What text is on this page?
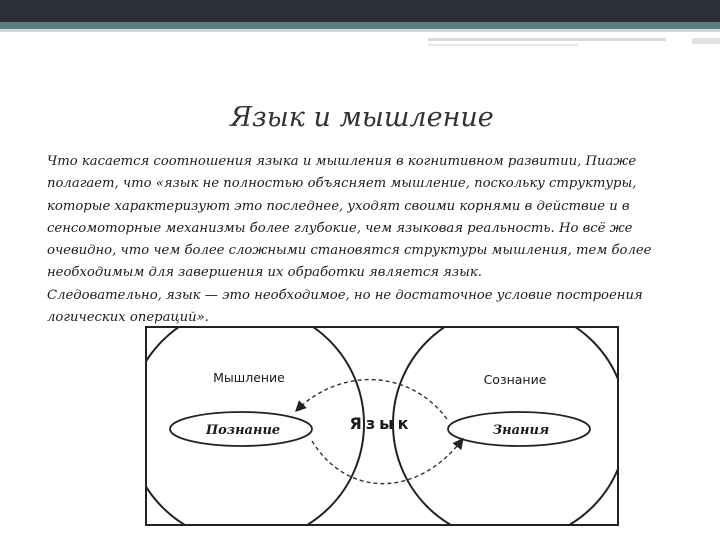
Язык и мышление

Что касается соотношения языка и мышления в когнитивном развитии, Пиаже

полагает, что «язык не полностью объясняет мышление, поскольку структуры,

которые характеризуют это последнее, уходят своими корнями в действие и в

сенсомоторные механизмы более глубокие, чем языковая реальность. Но всё же

очевидно, что чем более сложными становятся структуры мышления, тем более

необходимым для завершения их обработки является язык.

Следовательно, язык — это необходимое, но не достаточное условие построения

логических операций».

Мышление	Сознание
Познание	Знания
Язык
